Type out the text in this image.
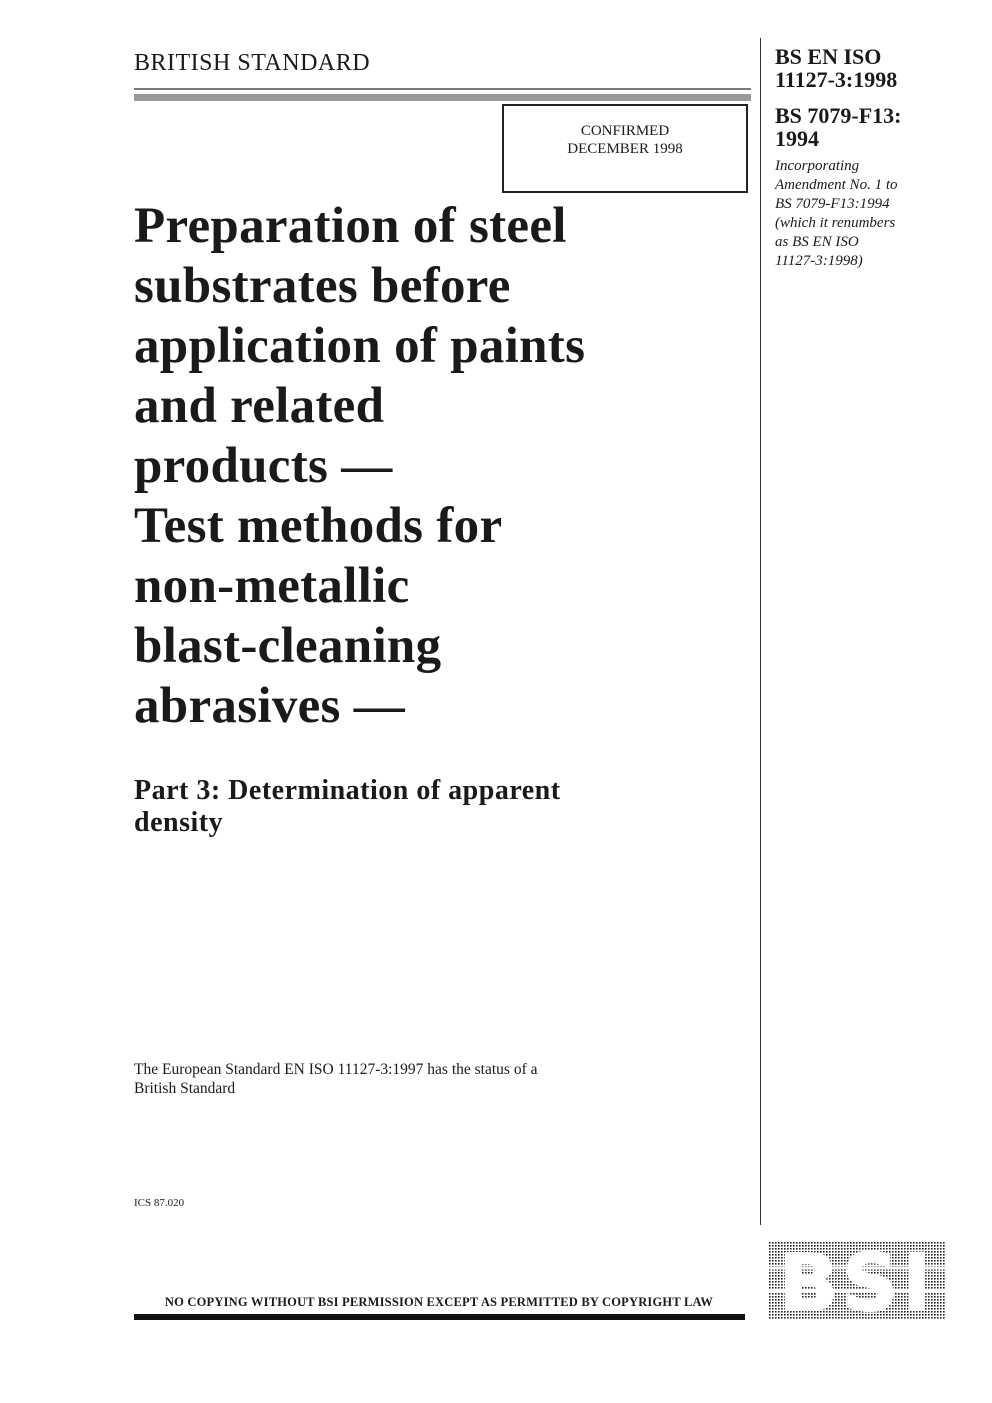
BRITISH STANDARD
CONFIRMED
DECEMBER 1998
Preparation of steel
substrates before
application of paints
and related
products —
Test methods for
non-metallic
blast-cleaning
abrasives —
Part 3: Determination of apparent
density
The European Standard EN ISO 11127-3:1997 has the status of a
British Standard
ICS 87.020
BS EN ISO
11127-3:1998
BS 7079-F13:
1994
Incorporating
Amendment No. 1 to
BS 7079-F13:1994
(which it renumbers
as BS EN ISO
11127-3:1998)
NO COPYING WITHOUT BSI PERMISSION EXCEPT AS PERMITTED BY COPYRIGHT LAW BSI
